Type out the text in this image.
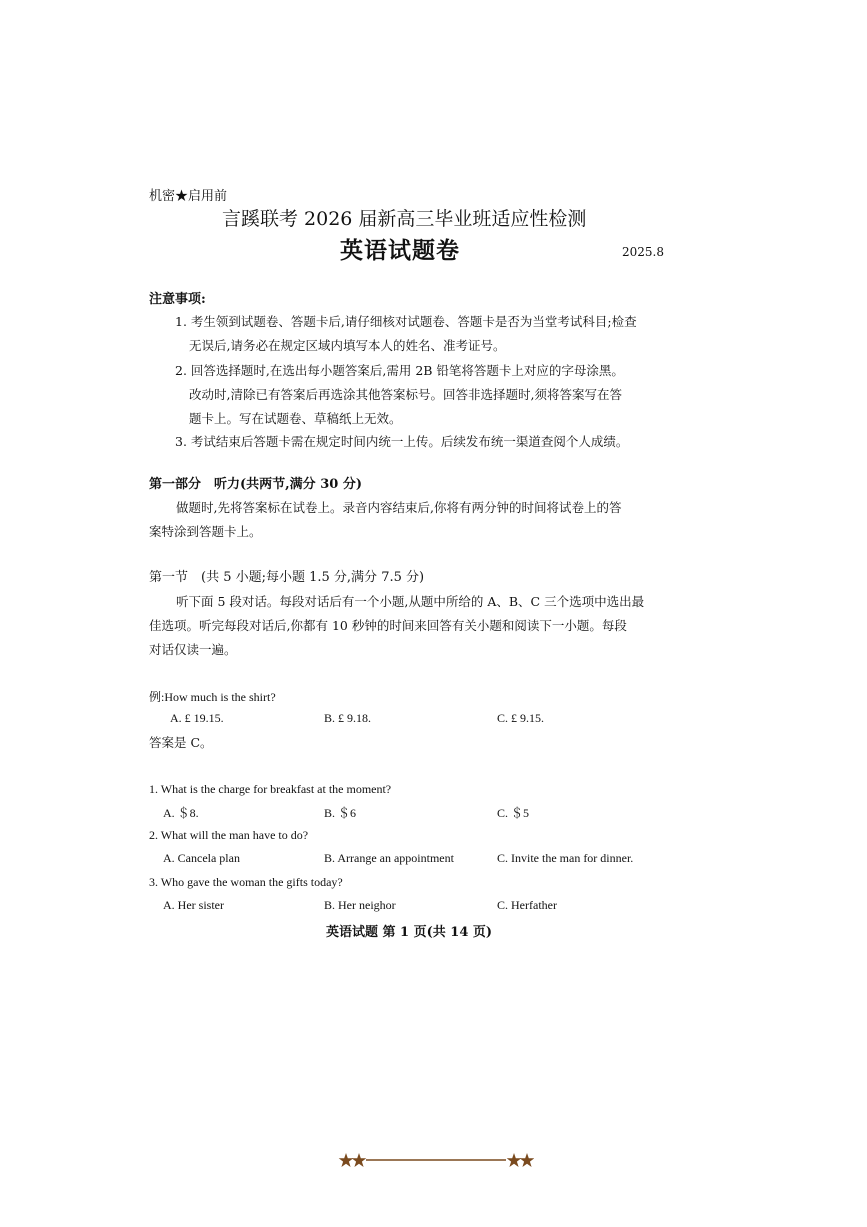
机密★启用前
言蹊联考 2026 届新高三毕业班适应性检测
英语试题卷	2025.8
注意事项:
1. 考生领到试题卷、答题卡后,请仔细核对试题卷、答题卡是否为当堂考试科目;检查
无误后,请务必在规定区域内填写本人的姓名、准考证号。
2. 回答选择题时,在选出每小题答案后,需用 2B 铅笔将答题卡上对应的字母涂黑。
改动时,清除已有答案后再选涂其他答案标号。回答非选择题时,须将答案写在答
题卡上。写在试题卷、草稿纸上无效。
3. 考试结束后答题卡需在规定时间内统一上传。后续发布统一渠道查阅个人成绩。
第一部分　听力(共两节,满分 30 分)
做题时,先将答案标在试卷上。录音内容结束后,你将有两分钟的时间将试卷上的答
案特涂到答题卡上。
第一节　(共 5 小题;每小题 1.5 分,满分 7.5 分)
听下面 5 段对话。每段对话后有一个小题,从题中所给的 A、B、C 三个选项中选出最
佳选项。听完每段对话后,你都有 10 秒钟的时间来回答有关小题和阅读下一小题。每段
对话仅读一遍。
例:How much is the shirt?
A. £ 19.15.	B. £ 9.18.	C. £ 9.15.
答案是 C。
1. What is the charge for breakfast at the moment?
A. ＄8.	B. ＄6	C. ＄5
2. What will the man have to do?
A. Cancela plan	B. Arrange an appointment	C. Invite the man for dinner.
3. Who gave the woman the gifts today?
A. Her sister	B. Her neighor	C. Herfather
英语试题 第 1 页(共 14 页)
